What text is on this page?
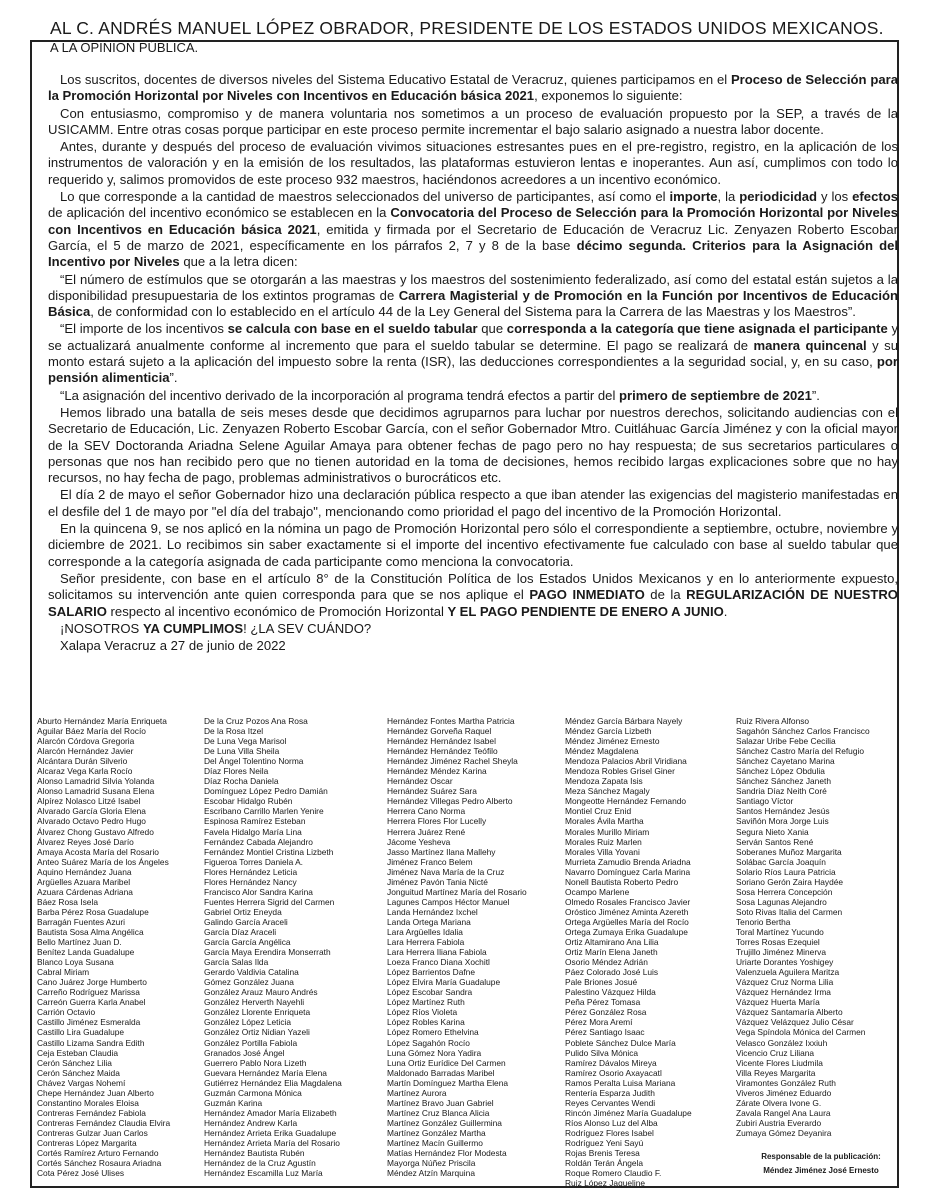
AL C. ANDRÉS MANUEL LÓPEZ OBRADOR, PRESIDENTE DE LOS ESTADOS UNIDOS MEXICANOS.
A LA OPINION PÚBLICA.

Los suscritos, docentes de diversos niveles del Sistema Educativo Estatal de Veracruz, quienes participamos en el Proceso de Selección para la Promoción Horizontal por Niveles con Incentivos en Educación básica 2021, exponemos lo siguiente:

Con entusiasmo, compromiso y de manera voluntaria nos sometimos a un proceso de evaluación propuesto por la SEP, a través de la USICAMM. Entre otras cosas porque participar en este proceso permite incrementar el bajo salario asignado a nuestra labor docente.

Antes, durante y después del proceso de evaluación vivimos situaciones estresantes pues en el pre-registro, registro, en la aplicación de los instrumentos de valoración y en la emisión de los resultados, las plataformas estuvieron lentas e inoperantes. Aun así, cumplimos con todo lo requerido y, salimos promovidos de este proceso 932 maestros, haciéndonos acreedores a un incentivo económico.

Lo que corresponde a la cantidad de maestros seleccionados del universo de participantes, así como el importe, la periodicidad y los efectos de aplicación del incentivo económico se establecen en la Convocatoria del Proceso de Selección para la Promoción Horizontal por Niveles con Incentivos en Educación básica 2021, emitida y firmada por el Secretario de Educación de Veracruz Lic. Zenyazen Roberto Escobar García, el 5 de marzo de 2021, específicamente en los párrafos 2, 7 y 8 de la base décimo segunda. Criterios para la Asignación del Incentivo por Niveles que a la letra dicen:

“El número de estímulos que se otorgarán a las maestras y los maestros del sostenimiento federalizado, así como del estatal están sujetos a la disponibilidad presupuestaria de los extintos programas de Carrera Magisterial y de Promoción en la Función por Incentivos de Educación Básica, de conformidad con lo establecido en el artículo 44 de la Ley General del Sistema para la Carrera de las Maestras y los Maestros”.

“El importe de los incentivos se calcula con base en el sueldo tabular que corresponda a la categoría que tiene asignada el participante y se actualizará anualmente conforme al incremento que para el sueldo tabular se determine. El pago se realizará de manera quincenal y su monto estará sujeto a la aplicación del impuesto sobre la renta (ISR), las deducciones correspondientes a la seguridad social, y, en su caso, por pensión alimenticia”.

“La asignación del incentivo derivado de la incorporación al programa tendrá efectos a partir del primero de septiembre de 2021”.

Hemos librado una batalla de seis meses desde que decidimos agruparnos para luchar por nuestros derechos, solicitando audiencias con el Secretario de Educación, Lic. Zenyazen Roberto Escobar García, con el señor Gobernador Mtro. Cuitláhuac García Jiménez y con la oficial mayor de la SEV Doctoranda Ariadna Selene Aguilar Amaya para obtener fechas de pago pero no hay respuesta; de sus secretarios particulares o personas que nos han recibido pero que no tienen autoridad en la toma de decisiones, hemos recibido largas explicaciones sobre que no hay recursos, no hay fecha de pago, problemas administrativos o burocráticos etc.

El día 2 de mayo el señor Gobernador hizo una declaración pública respecto a que iban atender las exigencias del magisterio manifestadas en el desfile del 1 de mayo por "el día del trabajo", mencionando como prioridad el pago del incentivo de la Promoción Horizontal.

En la quincena 9, se nos aplicó en la nómina un pago de Promoción Horizontal pero sólo el correspondiente a septiembre, octubre, noviembre y diciembre de 2021. Lo recibimos sin saber exactamente si el importe del incentivo efectivamente fue calculado con base al sueldo tabular que corresponde a la categoría asignada de cada participante como menciona la convocatoria.

Señor presidente, con base en el artículo 8° de la Constitución Política de los Estados Unidos Mexicanos y en lo anteriormente expuesto, solicitamos su intervención ante quien corresponda para que se nos aplique el PAGO INMEDIATO de la REGULARIZACIÓN DE NUESTRO SALARIO respecto al incentivo económico de Promoción Horizontal Y EL PAGO PENDIENTE DE ENERO A JUNIO.

¡NOSOTROS YA CUMPLIMOS! ¿LA SEV CUÁNDO?

Xalapa Veracruz a 27 de junio de 2022

Aburto Hernández María Enriqueta
Aguilar Báez María del Rocío
Alarcón Córdova Gregoria
Alarcón Hernández Javier
Alcántara Durán Silverio
Alcaraz Vega Karla Rocío
Alonso Lamadrid Silvia Yolanda
Alonso Lamadrid Susana Elena
Alpírez Nolasco Litzé Isabel
Alvarado García Gloria Elena
Alvarado Octavo Pedro Hugo
Álvarez Chong Gustavo Alfredo
Álvarez Reyes José Darío
Amaya Acosta María del Rosario
Anteo Suárez María de los Ángeles
Aquino Hernández Juana
Argüelles Azuara Maribel
Azuara Cárdenas Adriana
Báez Rosa Isela
Barba Pérez Rosa Guadalupe
Barragán Fuentes Azuri
Bautista Sosa Alma Angélica
Bello Martínez Juan D.
Benítez Landa Guadalupe
Blanco Loya Susana
Cabral Miriam
Cano Juárez Jorge Humberto
Carreño Rodríguez Marissa
Carreón Guerra Karla Anabel
Carrión Octavio
Castillo Jiménez Esmeralda
Castillo Lira Guadalupe
Castillo Lizama Sandra Edith
Ceja Esteban Claudia
Cerón Sánchez Lilia
Cerón Sánchez Maida
Chávez Vargas Nohemí
Chepe Hernández Juan Alberto
Constantino Morales Eloisa
Contreras Fernández Fabiola
Contreras Fernández Claudia Elvira
Contreras Gulzar Juan Carlos
Contreras López Margarita
Cortés Ramírez Arturo Fernando
Cortés Sánchez Rosaura Ariadna
Cota Pérez José Ulises
De la Cruz Pozos Ana Rosa
De la Rosa Itzel
De Luna Vega Marisol
De Luna Villa Sheila
Del Ángel Tolentino Norma
Díaz Flores Neila
Díaz Rocha Daniela
Domínguez López Pedro Damián
Escobar Hidalgo Rubén
Escribano Carrillo Marlen Yenire
Espinosa Ramírez Esteban
Favela Hidalgo María Lina
Fernández Cabada Alejandro
Fernández Montiel Cristina Lizbeth
Figueroa Torres Daniela A.
Flores Hernández Leticia
Flores Hernández Nancy
Francisco Alor Sandra Karina
Fuentes Herrera Sigrid del Carmen
Gabriel Ortiz Eneyda
Galindo García Araceli
García Díaz Araceli
García García Angélica
García Maya Erendira Monserrath
García Salas Ilda
Gerardo Valdivia Catalina
Gómez González Juana
González Arauz Mauro Andrés
González Herverth Nayehli
González Llorente Enriqueta
González López Leticia
González Ortiz Nidian Yazeli
González Portilla Fabiola
Granados José Ángel
Guerrero Pablo Nora Lizeth
Guevara Hernández María Elena
Gutiérrez Hernández Elia Magdalena
Guzmán Carmona Mónica
Guzmán Karina
Hernández Amador María Elizabeth
Hernández Andrew Karla
Hernández Arrieta Erika Guadalupe
Hernández Arrieta María del Rosario
Hernández Bautista Rubén
Hernández de la Cruz Agustín
Hernández Escamilla Luz María
Hernández Fontes Martha Patricia
Hernández Gorveña Raquel
Hernández Hernández Isabel
Hernández Hernández Teófilo
Hernández Jiménez Rachel Sheyla
Hernández Méndez Karina
Hernández Oscar
Hernández Suárez Sara
Hernández Villegas Pedro Alberto
Herrera Cano Norma
Herrera Flores Flor Lucelly
Herrera Juárez René
Jácome Yesheva
Jasso Martínez Ilana Mallehy
Jiménez Franco Belem
Jiménez Nava María de la Cruz
Jiménez Pavón Tania Nicté
Jonguitud Martínez María del Rosario
Lagunes Campos Héctor Manuel
Landa Hernández Ixchel
Landa Ortega Mariana
Lara Argüelles Idalia
Lara Herrera Fabiola
Lara Herrera Iliana Fabiola
Loeza Franco Diana Xochitl
López Barrientos Dafne
López Elvira María Guadalupe
López Escobar Sandra
López Martínez Ruth
López Ríos Violeta
López Robles Karina
López Romero Ethelvina
López Sagahón Rocío
Luna Gómez Nora Yadira
Luna Ortiz Eurídice Del Carmen
Maldonado Barradas Maribel
Martín Domínguez Martha Elena
Martínez Aurora
Martínez Bravo Juan Gabriel
Martínez Cruz Blanca Alicia
Martínez González Guillermina
Martínez González Martha
Martínez Macín Guillermo
Matías Hernández Flor Modesta
Mayorga Núñez Priscila
Méndez Atzín Marquina
Méndez García Bárbara Nayely
Méndez García Lizbeth
Méndez Jiménez Ernesto
Méndez Magdalena
Mendoza Palacios Abril Viridiana
Mendoza Robles Grisel Giner
Mendoza Zapata Isis
Meza Sánchez Magaly
Mongeotte Hernández Fernando
Montiel Cruz Enid
Morales Ávila Martha
Morales Murillo Miriam
Morales Ruiz Marlen
Morales Villa Yovani
Murrieta Zamudio Brenda Ariadna
Navarro Domínguez Carla Marina
Nonell Bautista Roberto Pedro
Ocampo Marlene
Olmedo Rosales Francisco Javier
Oróstico Jiménez Aminta Azereth
Ortega Argüelles María del Rocío
Ortega Zumaya Erika Guadalupe
Ortiz Altamirano Ana Lilia
Ortiz Marín Elena Janeth
Osorio Méndez Adrián
Páez Colorado José Luis
Pale Briones Josué
Palestino Vázquez Hilda
Peña Pérez Tomasa
Pérez González Rosa
Pérez Mora Aremí
Pérez Santiago Isaac
Poblete Sánchez Dulce María
Pulido Silva Mónica
Ramírez Dávalos Mireya
Ramírez Osorio Axayacatl
Ramos Peralta Luisa Mariana
Rentería Esparza Judith
Reyes Cervantes Wendi
Rincón Jiménez María Guadalupe
Ríos Alonso Luz del Alba
Rodríguez Flores Isabel
Rodríguez Yeni Sayú
Rojas Brenis Teresa
Roldán Terán Ángela
Roque Romero Claudio F.
Ruiz López Jaqueline
Ruiz Rivera Alfonso
Sagahón Sánchez Carlos Francisco
Salazar Uribe Febe Cecilia
Sánchez Castro María del Refugio
Sánchez Cayetano Marina
Sánchez López Obdulia
Sánchez Sánchez Janeth
Sandria Díaz Neith Coré
Santiago Víctor
Santos Hernández Jesús
Saviñón Mora Jorge Luis
Segura Nieto Xania
Serván Santos René
Soberanes Muñoz Margarita
Solábac García Joaquín
Solario Ríos Laura Patricia
Soriano Gerón Zaira Haydée
Sosa Herrera Concepción
Sosa Lagunas Alejandro
Soto Rivas Italia del Carmen
Tenorio Bertha
Toral Martínez Yucundo
Torres Rosas Ezequiel
Trujillo Jiménez Minerva
Uriarte Dorantes Yoshigey
Valenzuela Aguilera Maritza
Vázquez Cruz Norma Lilia
Vázquez Hernández Irma
Vázquez Huerta María
Vázquez Santamaría Alberto
Vázquez Velázquez Julio César
Vega Spíndola Mónica del Carmen
Velasco González Ixxiuh
Vicencio Cruz Liliana
Vicente Flores Liudmila
Villa Reyes Margarita
Viramontes González Ruth
Viveros Jiménez Eduardo
Zárate Olvera Ivone G.
Zavala Rangel Ana Laura
Zubiri Austria Everardo
Zumaya Gómez Deyanira
Responsable de la publicación:
Méndez Jiménez José Ernesto
